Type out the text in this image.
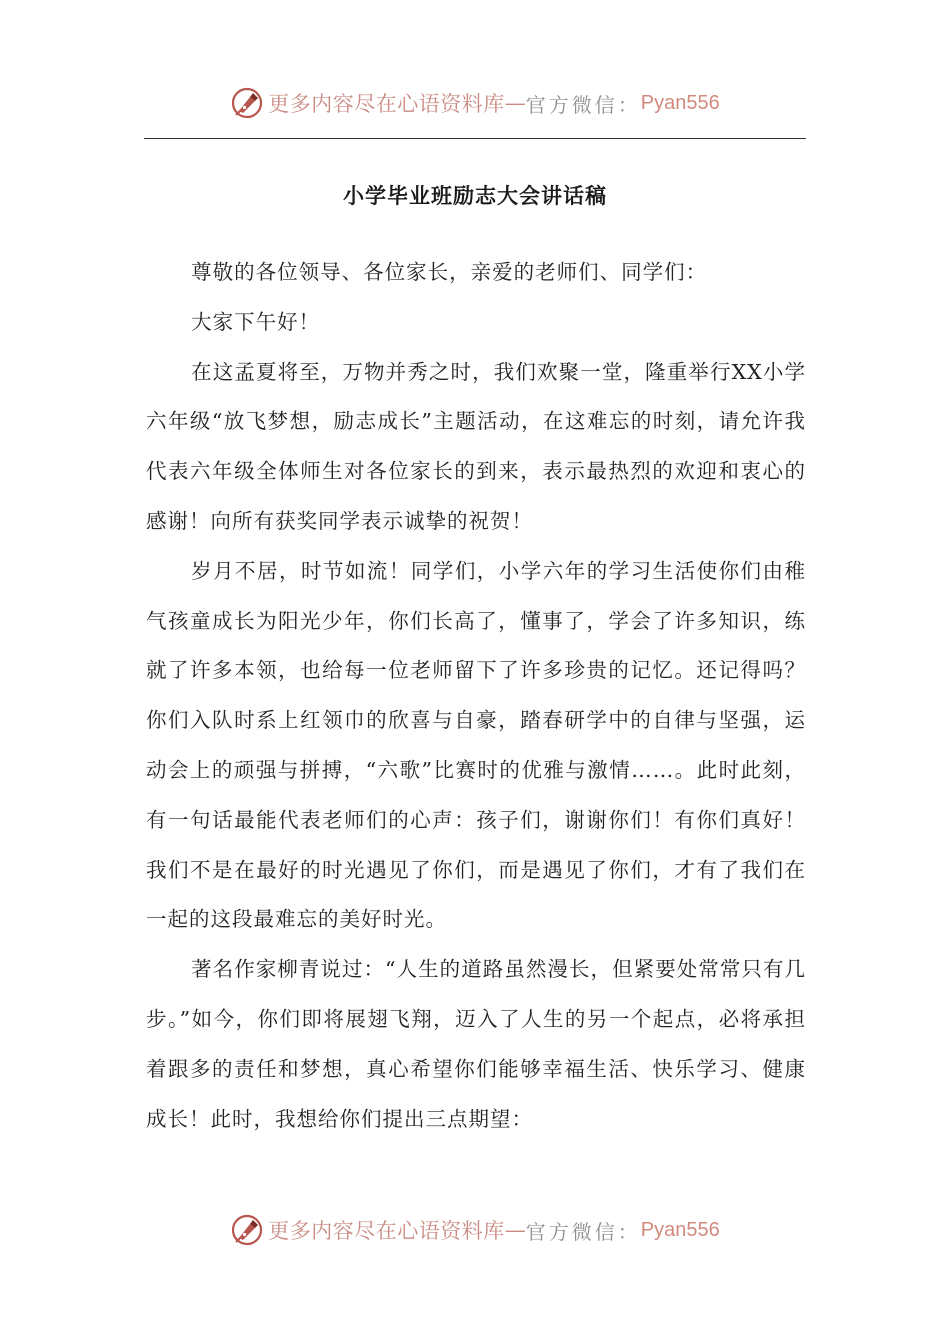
更多内容尽在心语资料库 — 官方微信： Pyan556
小学毕业班励志大会讲话稿

尊敬的各位领导、各位家长，亲爱的老师们、同学们：

大家下午好！

在这孟夏将至，万物并秀之时，我们欢聚一堂，隆重举行XX小学六年级“放飞梦想，励志成长”主题活动，在这难忘的时刻，请允许我代表六年级全体师生对各位家长的到来，表示最热烈的欢迎和衷心的感谢！向所有获奖同学表示诚挚的祝贺！

岁月不居，时节如流！同学们，小学六年的学习生活使你们由稚气孩童成长为阳光少年，你们长高了，懂事了，学会了许多知识，练就了许多本领，也给每一位老师留下了许多珍贵的记忆。还记得吗？你们入队时系上红领巾的欣喜与自豪，踏春研学中的自律与坚强，运动会上的顽强与拼搏，“六歌”比赛时的优雅与激情……。此时此刻，有一句话最能代表老师们的心声：孩子们，谢谢你们！有你们真好！我们不是在最好的时光遇见了你们，而是遇见了你们，才有了我们在一起的这段最难忘的美好时光。

著名作家柳青说过：“人生的道路虽然漫长，但紧要处常常只有几步。”如今，你们即将展翅飞翔，迈入了人生的另一个起点，必将承担着跟多的责任和梦想，真心希望你们能够幸福生活、快乐学习、健康成长！此时，我想给你们提出三点期望：

更多内容尽在心语资料库 — 官方微信： Pyan556
